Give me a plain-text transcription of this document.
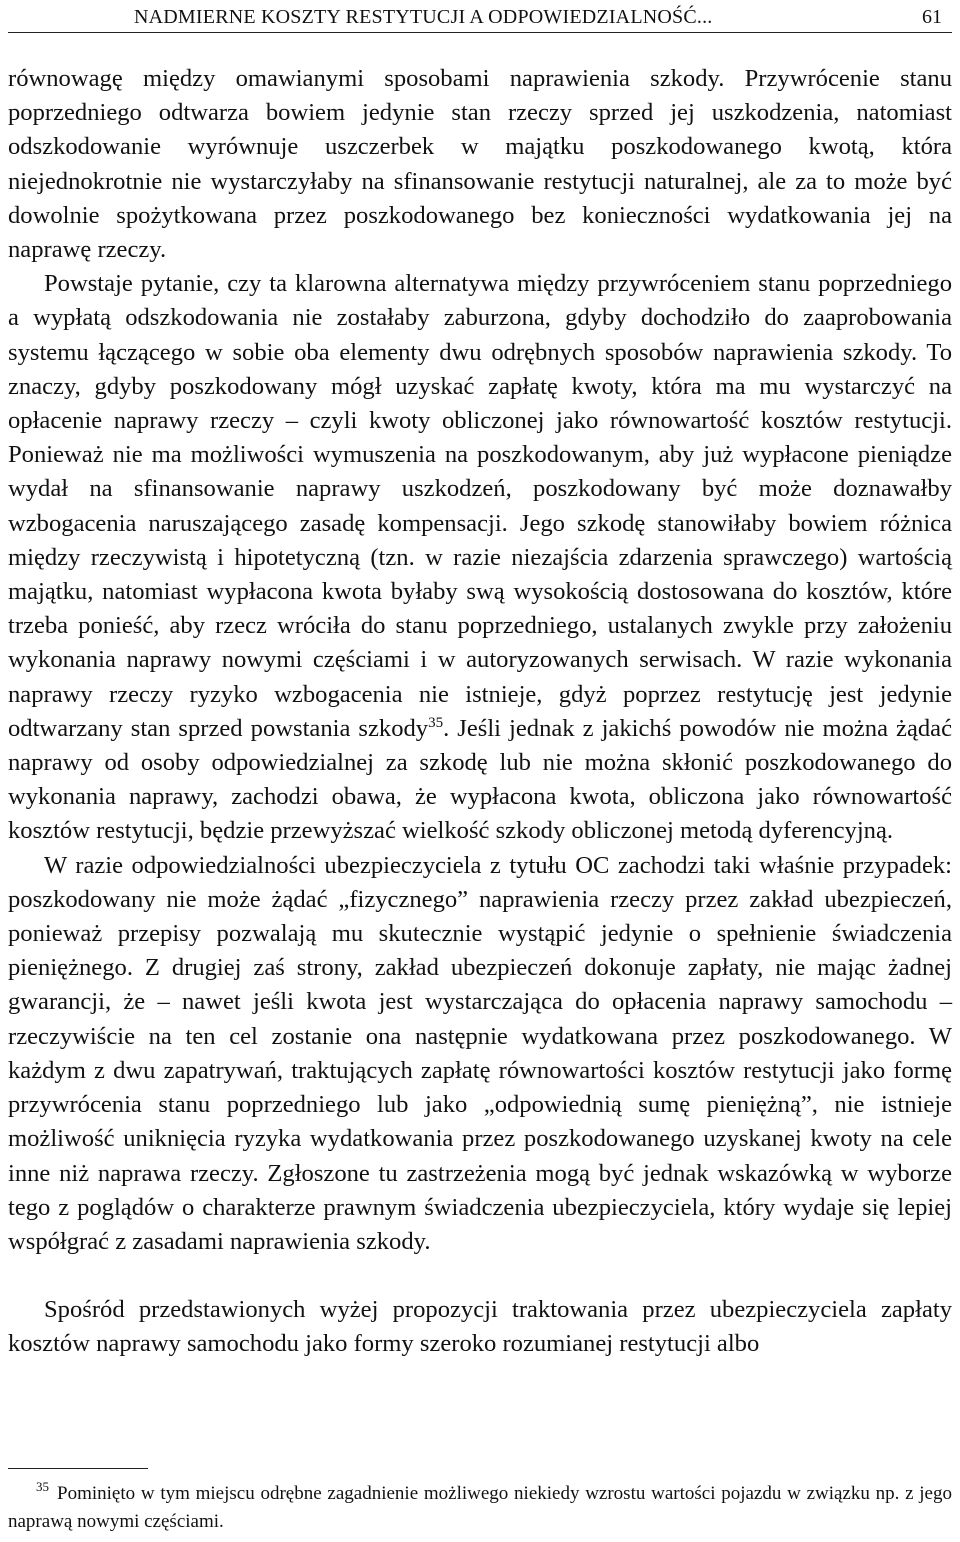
NADMIERNE KOSZTY RESTYTUCJI A ODPOWIEDZIALNOŚĆ...	61

równowagę między omawianymi sposobami naprawienia szkody. Przywrócenie stanu poprzedniego odtwarza bowiem jedynie stan rzeczy sprzed jej uszkodzenia, natomiast odszkodowanie wyrównuje uszczerbek w majątku poszkodowanego kwotą, która niejednokrotnie nie wystarczyłaby na sfinansowanie restytucji naturalnej, ale za to może być dowolnie spożytkowana przez poszkodowanego bez konieczności wydatkowania jej na naprawę rzeczy.

Powstaje pytanie, czy ta klarowna alternatywa między przywróceniem stanu poprzedniego a wypłatą odszkodowania nie zostałaby zaburzona, gdyby dochodziło do zaaprobowania systemu łączącego w sobie oba elementy dwu odrębnych sposobów naprawienia szkody. To znaczy, gdyby poszkodowany mógł uzyskać zapłatę kwoty, która ma mu wystarczyć na opłacenie naprawy rzeczy – czyli kwoty obliczonej jako równowartość kosztów restytucji. Ponieważ nie ma możliwości wymuszenia na poszkodowanym, aby już wypłacone pieniądze wydał na sfinansowanie naprawy uszkodzeń, poszkodowany być może doznawałby wzbogacenia naruszającego zasadę kompensacji. Jego szkodę stanowiłaby bowiem różnica między rzeczywistą i hipotetyczną (tzn. w razie niezajścia zdarzenia sprawczego) wartością majątku, natomiast wypłacona kwota byłaby swą wysokością dostosowana do kosztów, które trzeba ponieść, aby rzecz wróciła do stanu poprzedniego, ustalanych zwykle przy założeniu wykonania naprawy nowymi częściami i w autoryzowanych serwisach. W razie wykonania naprawy rzeczy ryzyko wzbogacenia nie istnieje, gdyż poprzez restytucję jest jedynie odtwarzany stan sprzed powstania szkody$^{35}$. Jeśli jednak z jakichś powodów nie można żądać naprawy od osoby odpowiedzialnej za szkodę lub nie można skłonić poszkodowanego do wykonania naprawy, zachodzi obawa, że wypłacona kwota, obliczona jako równowartość kosztów restytucji, będzie przewyższać wielkość szkody obliczonej metodą dyferencyjną.

W razie odpowiedzialności ubezpieczyciela z tytułu OC zachodzi taki właśnie przypadek: poszkodowany nie może żądać „fizycznego” naprawienia rzeczy przez zakład ubezpieczeń, ponieważ przepisy pozwalają mu skutecznie wystąpić jedynie o spełnienie świadczenia pieniężnego. Z drugiej zaś strony, zakład ubezpieczeń dokonuje zapłaty, nie mając żadnej gwarancji, że – nawet jeśli kwota jest wystarczająca do opłacenia naprawy samochodu – rzeczywiście na ten cel zostanie ona następnie wydatkowana przez poszkodowanego. W każdym z dwu zapatrywań, traktujących zapłatę równowartości kosztów restytucji jako formę przywrócenia stanu poprzedniego lub jako „odpowiednią sumę pieniężną”, nie istnieje możliwość uniknięcia ryzyka wydatkowania przez poszkodowanego uzyskanej kwoty na cele inne niż naprawa rzeczy. Zgłoszone tu zastrzeżenia mogą być jednak wskazówką w wyborze tego z poglądów o charakterze prawnym świadczenia ubezpieczyciela, który wydaje się lepiej współgrać z zasadami naprawienia szkody.

Spośród przedstawionych wyżej propozycji traktowania przez ubezpieczyciela zapłaty kosztów naprawy samochodu jako formy szeroko rozumianej restytucji albo

35 Pominięto w tym miejscu odrębne zagadnienie możliwego niekiedy wzrostu wartości pojazdu w związku np. z jego naprawą nowymi częściami.
